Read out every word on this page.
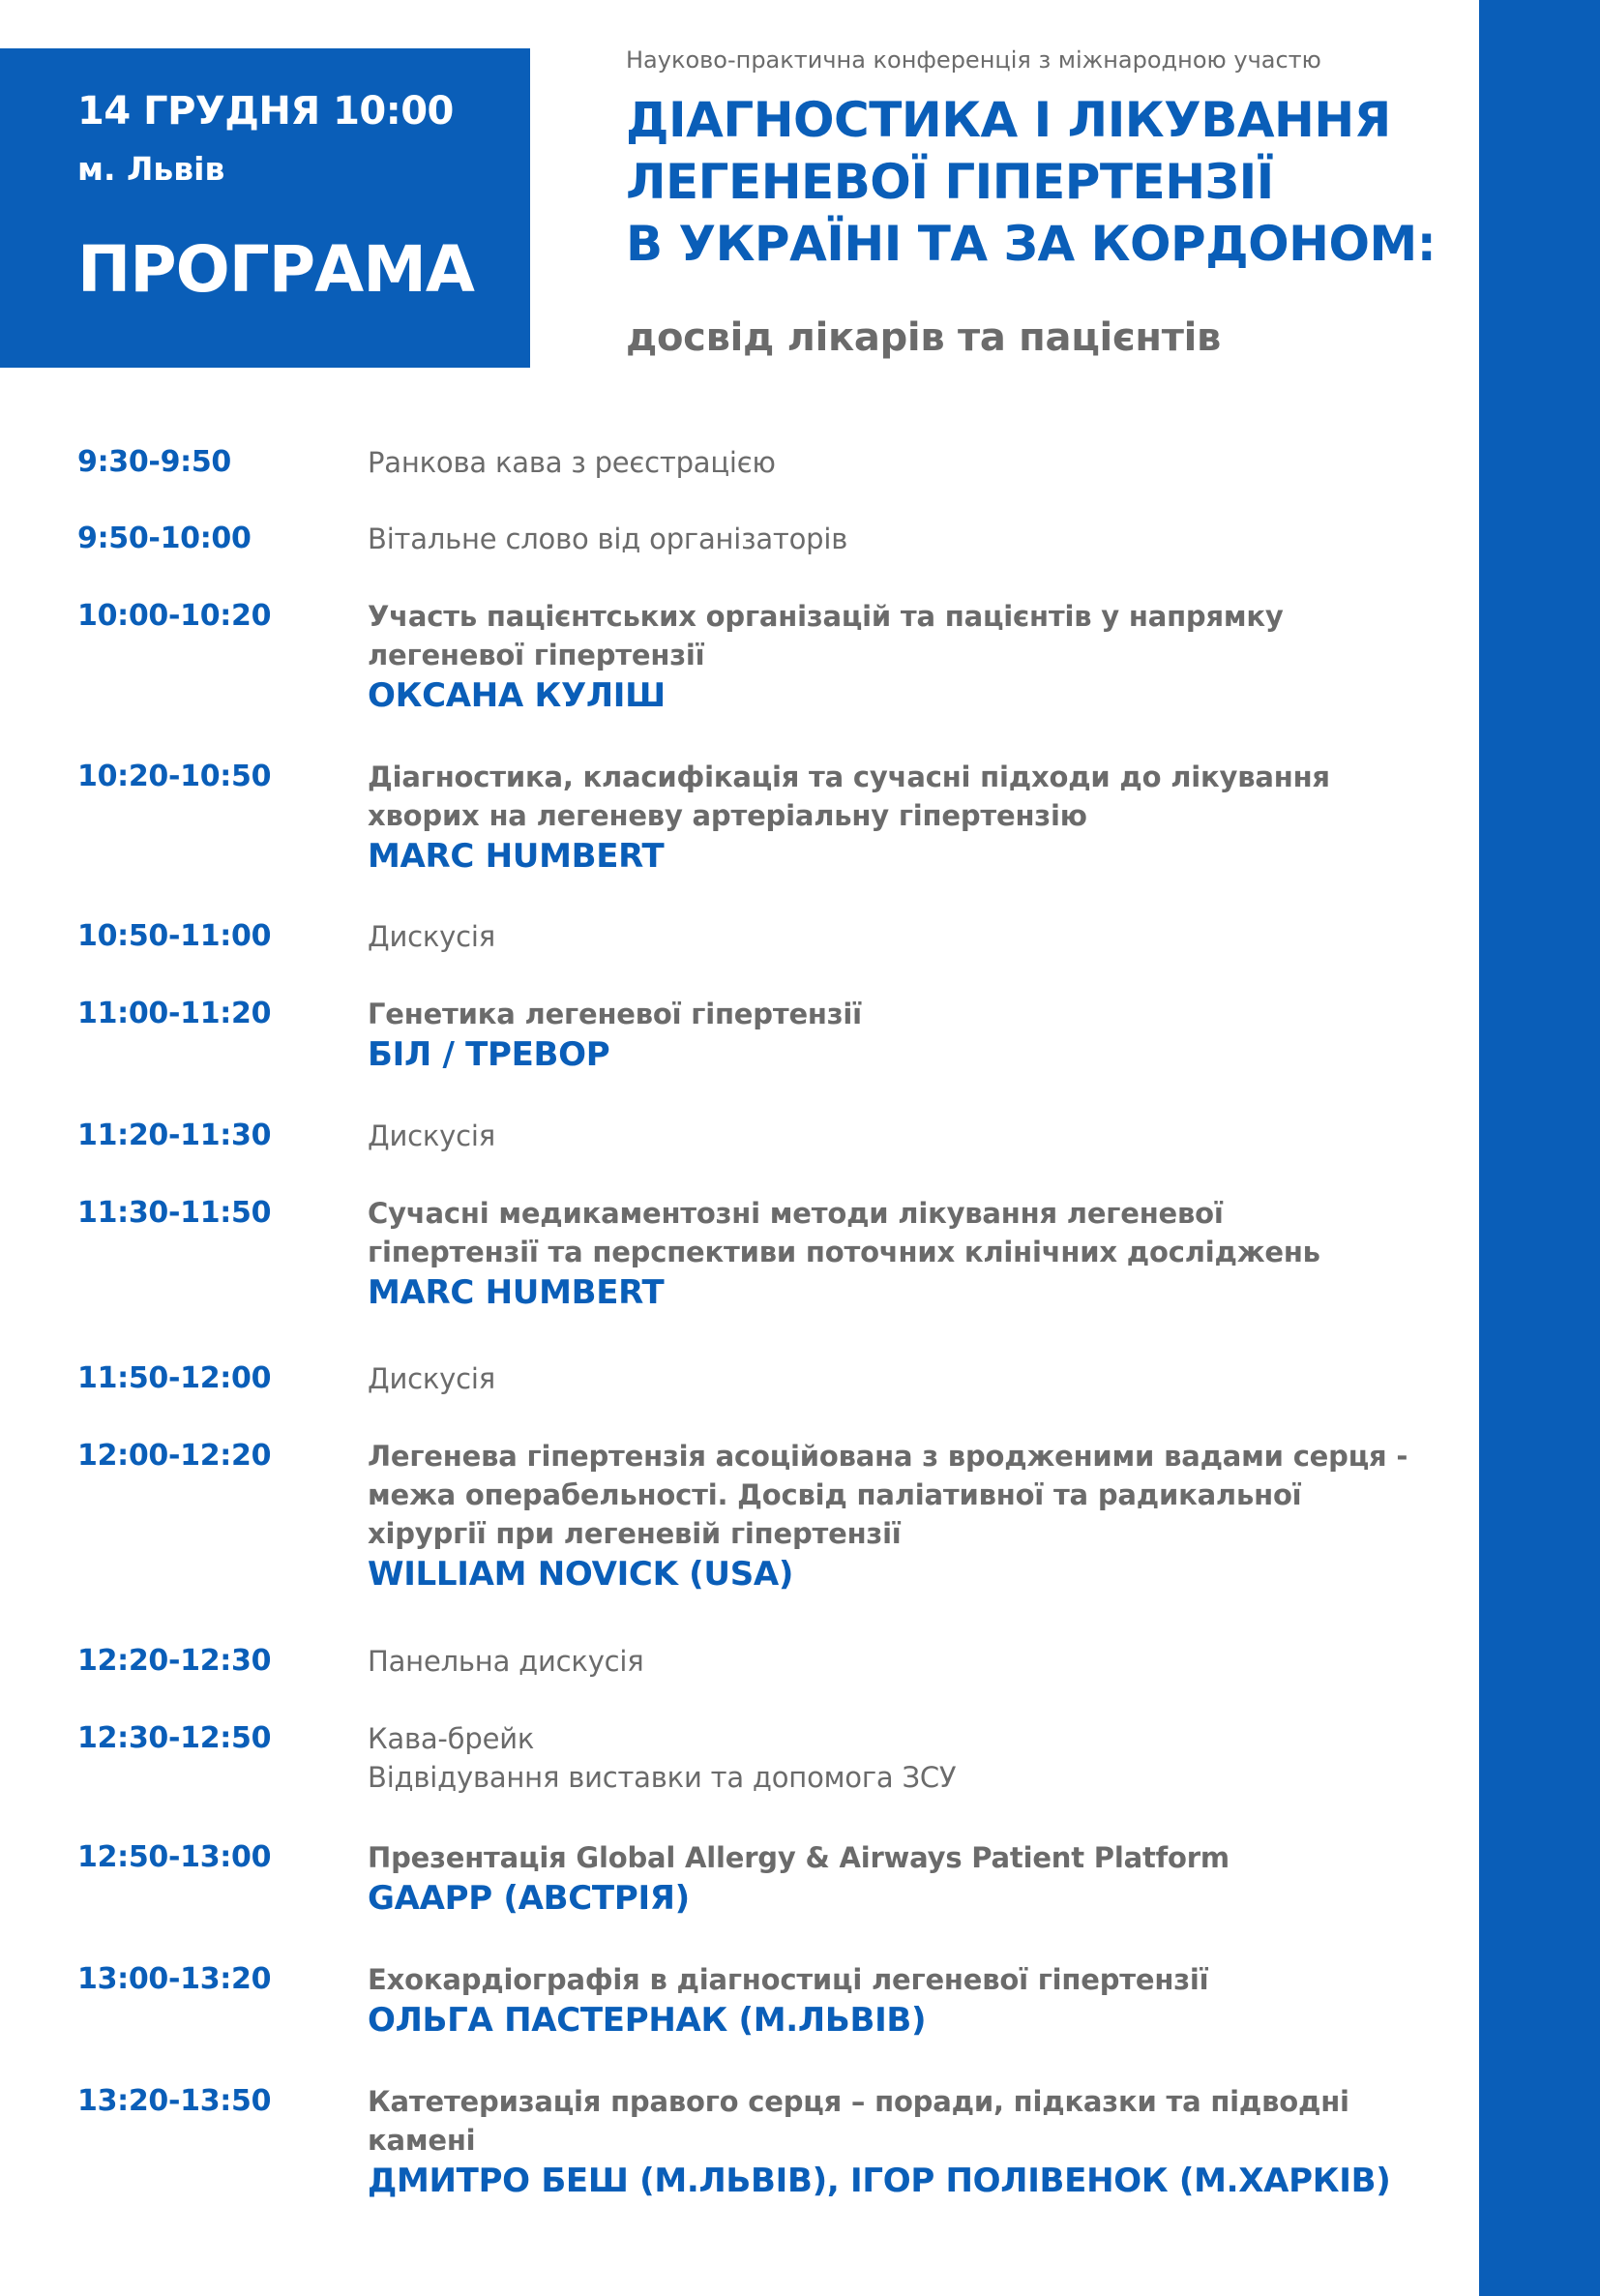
14 ГРУДНЯ 10:00
м. Львів
ПРОГРАМА
Науково-практична конференція з міжнародною участю
ДІАГНОСТИКА І ЛІКУВАННЯ
ЛЕГЕНЕВОЇ ГІПЕРТЕНЗІЇ
В УКРАЇНІ ТА ЗА КОРДОНОМ:
досвід лікарів та пацієнтів
9:30-9:50	Ранкова кава з реєстрацією
9:50-10:00	Вітальне слово від організаторів
10:00-10:20	Участь пацієнтських організацій та пацієнтів у напрямку
легеневої гіпертензії
ОКСАНА КУЛІШ
10:20-10:50	Діагностика, класифікація та сучасні підходи до лікування
хворих на легеневу артеріальну гіпертензію
MARC HUMBERT
10:50-11:00	Дискусія
11:00-11:20	Генетика легеневої гіпертензії
БІЛ / ТРЕВОР
11:20-11:30	Дискусія
11:30-11:50	Сучасні медикаментозні методи лікування легеневої
гіпертензії та перспективи поточних клінічних досліджень
MARC HUMBERT
11:50-12:00	Дискусія
12:00-12:20	Легенева гіпертензія асоційована з вродженими вадами серця -
межа операбельності. Досвід паліативної та радикальної
хірургії при легеневій гіпертензії
WILLIAM NOVICK (USA)
12:20-12:30	Панельна дискусія
12:30-12:50	Кава-брейк
Відвідування виставки та допомога ЗСУ
12:50-13:00	Презентація Global Allergy & Airways Patient Platform
GAAPP (АВСТРІЯ)
13:00-13:20	Ехокардіографія в діагностиці легеневої гіпертензії
ОЛЬГА ПАСТЕРНАК (М.ЛЬВІВ)
13:20-13:50	Катетеризація правого серця – поради, підказки та підводні
камені
ДМИТРО БЕШ (М.ЛЬВІВ), ІГОР ПОЛІВЕНОК (М.ХАРКІВ)
